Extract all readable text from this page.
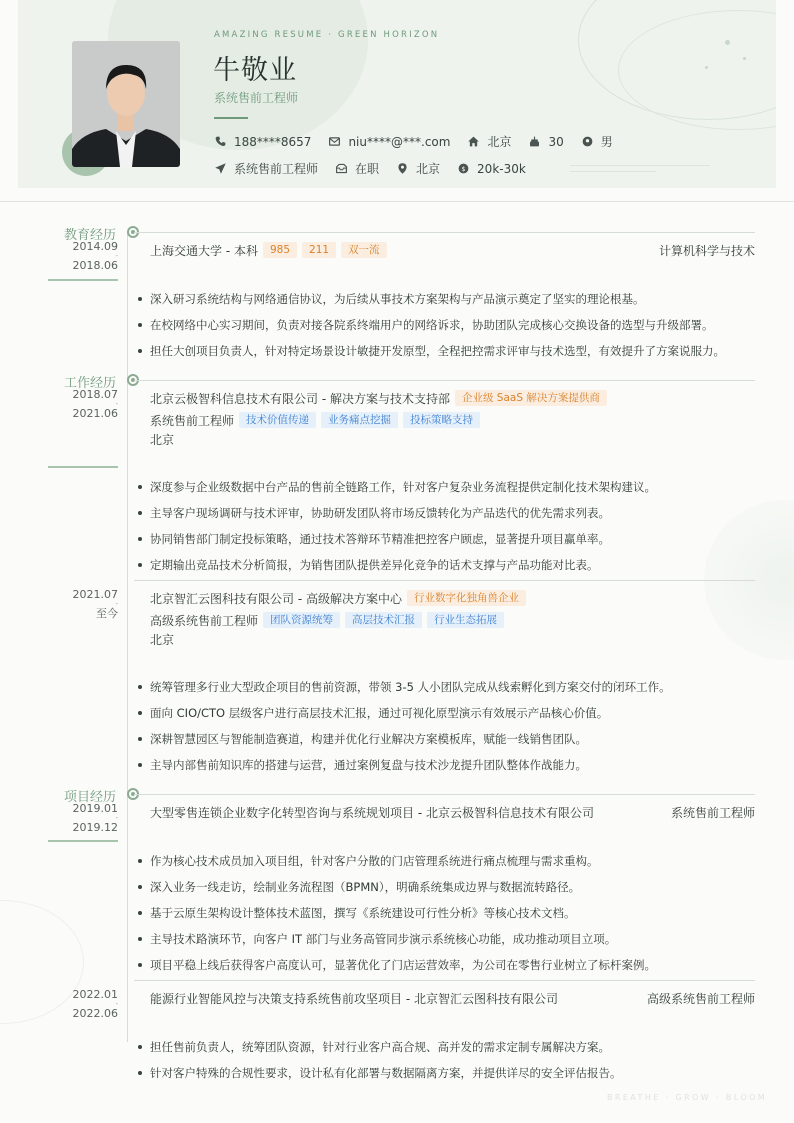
AMAZING RESUME · GREEN HORIZON
牛敬业
系统售前工程师
188****8657	niu****@***.com	北京	30	男
系统售前工程师	在职	北京	$ 20k-30k
教育经历
2014.09
-
2018.06
上海交通大学 - 本科	985	211	双一流	计算机科学与技术
深入研习系统结构与网络通信协议，为后续从事技术方案架构与产品演示奠定了坚实的理论根基。
在校网络中心实习期间，负责对接各院系终端用户的网络诉求，协助团队完成核心交换设备的选型与升级部署。
担任大创项目负责人，针对特定场景设计敏捷开发原型，全程把控需求评审与技术选型，有效提升了方案说服力。
工作经历
2018.07
-
2021.06
北京云极智科信息技术有限公司 - 解决方案与技术支持部	企业级 SaaS 解决方案提供商
系统售前工程师	技术价值传递	业务痛点挖掘	投标策略支持
北京
深度参与企业级数据中台产品的售前全链路工作，针对客户复杂业务流程提供定制化技术架构建议。
主导客户现场调研与技术评审，协助研发团队将市场反馈转化为产品迭代的优先需求列表。
协同销售部门制定投标策略，通过技术答辩环节精准把控客户顾虑，显著提升项目赢单率。
定期输出竞品技术分析简报，为销售团队提供差异化竞争的话术支撑与产品功能对比表。
2021.07
-
至今
北京智汇云图科技有限公司 - 高级解决方案中心	行业数字化独角兽企业
高级系统售前工程师	团队资源统筹	高层技术汇报	行业生态拓展
北京
统筹管理多行业大型政企项目的售前资源，带领 3-5 人小团队完成从线索孵化到方案交付的闭环工作。
面向 CIO/CTO 层级客户进行高层技术汇报，通过可视化原型演示有效展示产品核心价值。
深耕智慧园区与智能制造赛道，构建并优化行业解决方案模板库，赋能一线销售团队。
主导内部售前知识库的搭建与运营，通过案例复盘与技术沙龙提升团队整体作战能力。
项目经历
2019.01
-
2019.12
大型零售连锁企业数字化转型咨询与系统规划项目 - 北京云极智科信息技术有限公司	系统售前工程师
作为核心技术成员加入项目组，针对客户分散的门店管理系统进行痛点梳理与需求重构。
深入业务一线走访，绘制业务流程图（BPMN），明确系统集成边界与数据流转路径。
基于云原生架构设计整体技术蓝图，撰写《系统建设可行性分析》等核心技术文档。
主导技术路演环节，向客户 IT 部门与业务高管同步演示系统核心功能，成功推动项目立项。
项目平稳上线后获得客户高度认可，显著优化了门店运营效率，为公司在零售行业树立了标杆案例。
2022.01
-
2022.06
能源行业智能风控与决策支持系统售前攻坚项目 - 北京智汇云图科技有限公司	高级系统售前工程师
担任售前负责人，统筹团队资源，针对行业客户高合规、高并发的需求定制专属解决方案。
针对客户特殊的合规性要求，设计私有化部署与数据隔离方案，并提供详尽的安全评估报告。
BREATHE · GROW · BLOOM
